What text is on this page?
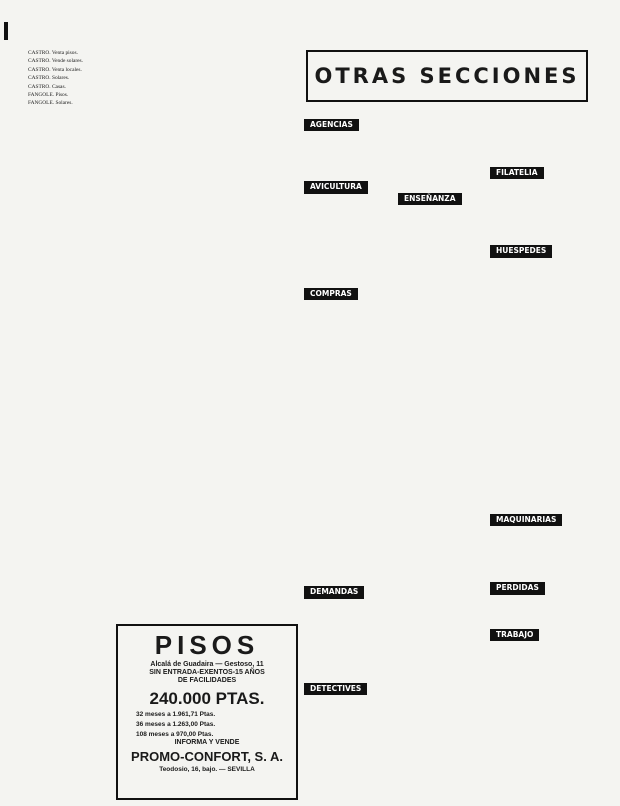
CASTRO. Venta pisos.

CASTRO. Vende solares.

CASTRO. Venta locales.

CASTRO. Solares.

CASTRO. Casas.

FANGOLE. Pisos.

FANGOLE. Solares.

OTRAS SECCIONES
AGENCIAS
AVICULTURA
COMPRAS
DEMANDAS
DETECTIVES
ENSEÑANZA
FILATELIA
HUESPEDES
MAQUINARIAS
PERDIDAS
TRABAJO
PISOS
Alcalá de Guadaira — Gestoso, 11
SIN ENTRADA-EXENTOS-15 AÑOS
DE FACILIDADES
240.000 PTAS.
32 meses a 1.961,71 Ptas.
36 meses a 1.263,00 Ptas.
108 meses a 970,00 Ptas.
INFORMA Y VENDE
PROMO-CONFORT, S. A.
Teodosio, 16, bajo. — SEVILLA
